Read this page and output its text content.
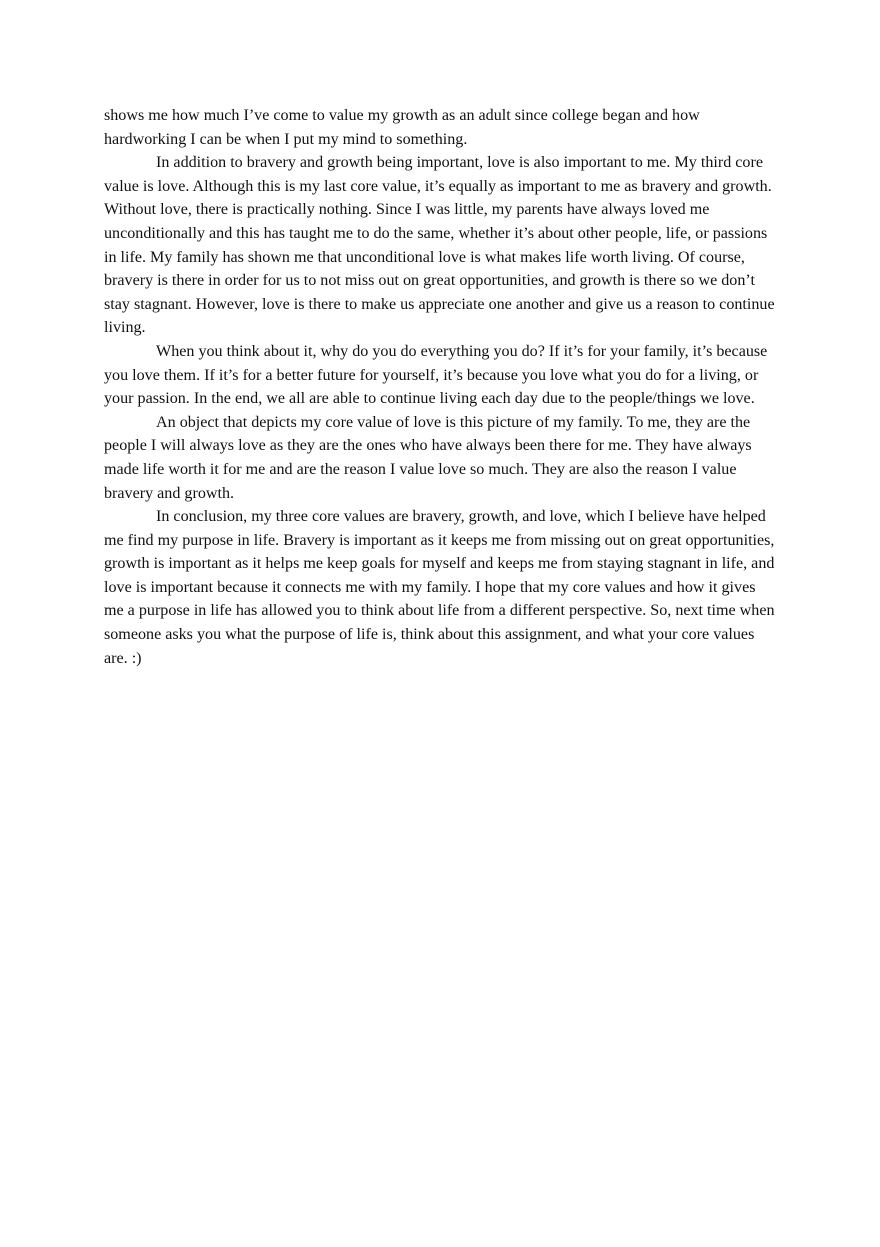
shows me how much I’ve come to value my growth as an adult since college began and how hardworking I can be when I put my mind to something.

In addition to bravery and growth being important, love is also important to me. My third core value is love. Although this is my last core value, it’s equally as important to me as bravery and growth. Without love, there is practically nothing. Since I was little, my parents have always loved me unconditionally and this has taught me to do the same, whether it’s about other people, life, or passions in life. My family has shown me that unconditional love is what makes life worth living. Of course, bravery is there in order for us to not miss out on great opportunities, and growth is there so we don’t stay stagnant. However, love is there to make us appreciate one another and give us a reason to continue living.

When you think about it, why do you do everything you do? If it’s for your family, it’s because you love them. If it’s for a better future for yourself, it’s because you love what you do for a living, or your passion. In the end, we all are able to continue living each day due to the people/things we love.

An object that depicts my core value of love is this picture of my family. To me, they are the people I will always love as they are the ones who have always been there for me. They have always made life worth it for me and are the reason I value love so much. They are also the reason I value bravery and growth.

In conclusion, my three core values are bravery, growth, and love, which I believe have helped me find my purpose in life. Bravery is important as it keeps me from missing out on great opportunities, growth is important as it helps me keep goals for myself and keeps me from staying stagnant in life, and love is important because it connects me with my family. I hope that my core values and how it gives me a purpose in life has allowed you to think about life from a different perspective. So, next time when someone asks you what the purpose of life is, think about this assignment, and what your core values are. :)
